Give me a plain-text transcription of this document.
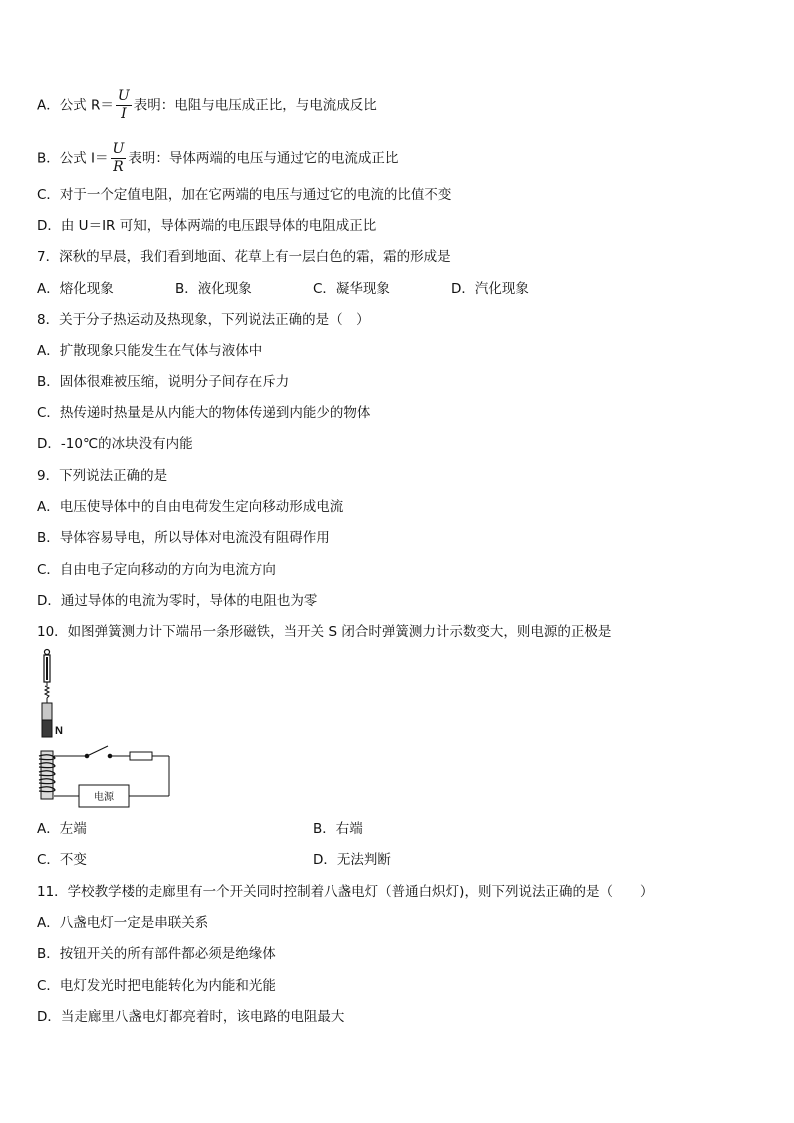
A．公式 $R= \frac{U}{I}$ 表明：电阻与电压成正比，与电流成反比
B．公式 $I= \frac{U}{R}$ 表明：导体两端的电压与通过它的电流成正比
C．对于一个定值电阻，加在它两端的电压与通过它的电流的比值不变
D．由 U＝IR 可知，导体两端的电压跟导体的电阻成正比
7．深秋的早晨，我们看到地面、花草上有一层白色的霜，霜的形成是
A．熔化现象	B．液化现象	C．凝华现象	D．汽化现象
8．关于分子热运动及热现象，下列说法正确的是（　）
A．扩散现象只能发生在气体与液体中
B．固体很难被压缩，说明分子间存在斥力
C．热传递时热量是从内能大的物体传递到内能少的物体
D．-10℃的冰块没有内能
9．下列说法正确的是
A．电压使导体中的自由电荷发生定向移动形成电流
B．导体容易导电，所以导体对电流没有阻碍作用
C．自由电子定向移动的方向为电流方向
D．通过导体的电流为零时，导体的电阻也为零
10．如图弹簧测力计下端吊一条形磁铁，当开关 S 闭合时弹簧测力计示数变大，则电源的正极是
N
电源
A．左端	B．右端
C．不变	D．无法判断
11．学校教学楼的走廊里有一个开关同时控制着八盏电灯（普通白炽灯)，则下列说法正确的是（　　）
A．八盏电灯一定是串联关系
B．按钮开关的所有部件都必须是绝缘体
C．电灯发光时把电能转化为内能和光能
D．当走廊里八盏电灯都亮着时，该电路的电阻最大
